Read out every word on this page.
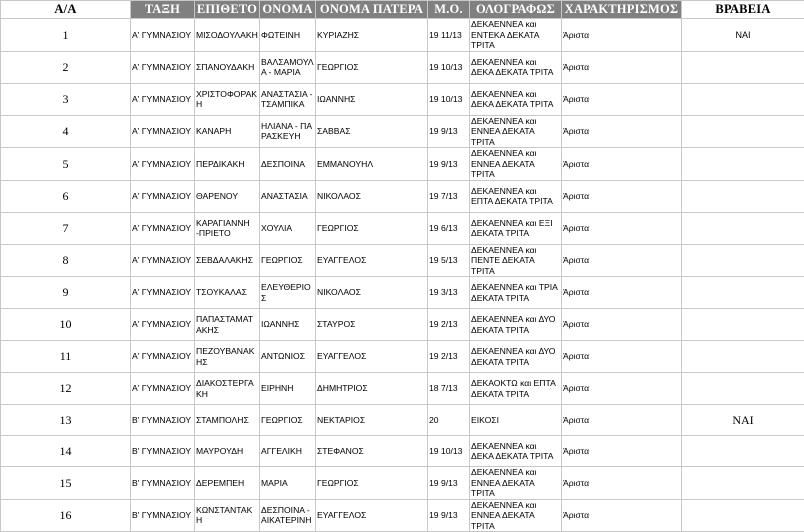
Α/Α	ΤΑΞΗ	ΕΠΙΘΕΤΟ	ΟΝΟΜΑ	ΟΝΟΜΑ ΠΑΤΕΡΑ	Μ.Ο.	ΟΛΟΓΡΑΦΩΣ	ΧΑΡΑΚΤΗΡΙΣΜΟΣ	ΒΡΑΒΕΙΑ
1	Α' ΓΥΜΝΑΣΙΟΥ	ΜΙΣΟΔΟΥΛΑΚΗ	ΦΩΤΕΙΝΗ	ΚΥΡΙΑΖΗΣ	19 11/13	ΔΕΚΑΕΝΝΕΑ και ΕΝΤΕΚΑ ΔΕΚΑΤΑ ΤΡΙΤΑ	Άριστα	ΝΑΙ
2	Α' ΓΥΜΝΑΣΙΟΥ	ΣΠΑΝΟΥΔΑΚΗ	ΒΑΛΣΑΜΟΥΛΑ - ΜΑΡΙΑ	ΓΕΩΡΓΙΟΣ	19 10/13	ΔΕΚΑΕΝΝΕΑ και ΔΕΚΑ ΔΕΚΑΤΑ ΤΡΙΤΑ	Άριστα	
3	Α' ΓΥΜΝΑΣΙΟΥ	ΧΡΙΣΤΟΦΟΡΑΚΗ	ΑΝΑΣΤΑΣΙΑ - ΤΣΑΜΠΙΚΑ	ΙΩΑΝΝΗΣ	19 10/13	ΔΕΚΑΕΝΝΕΑ και ΔΕΚΑ ΔΕΚΑΤΑ ΤΡΙΤΑ	Άριστα	
4	Α' ΓΥΜΝΑΣΙΟΥ	ΚΑΝΑΡΗ	ΗΛΙΑΝΑ - ΠΑΡΑΣΚΕΥΗ	ΣΑΒΒΑΣ	19 9/13	ΔΕΚΑΕΝΝΕΑ και ΕΝΝΕΑ ΔΕΚΑΤΑ ΤΡΙΤΑ	Άριστα	
5	Α' ΓΥΜΝΑΣΙΟΥ	ΠΕΡΔΙΚΑΚΗ	ΔΕΣΠΟΙΝΑ	ΕΜΜΑΝΟΥΗΛ	19 9/13	ΔΕΚΑΕΝΝΕΑ και ΕΝΝΕΑ ΔΕΚΑΤΑ ΤΡΙΤΑ	Άριστα	
6	Α' ΓΥΜΝΑΣΙΟΥ	ΘΑΡΕΝΟΥ	ΑΝΑΣΤΑΣΙΑ	ΝΙΚΟΛΑΟΣ	19 7/13	ΔΕΚΑΕΝΝΕΑ και ΕΠΤΑ ΔΕΚΑΤΑ ΤΡΙΤΑ	Άριστα	
7	Α' ΓΥΜΝΑΣΙΟΥ	ΚΑΡΑΓΙΑΝΝΗ -ΠΡΙΕΤΟ	ΧΟΥΛΙΑ	ΓΕΩΡΓΙΟΣ	19 6/13	ΔΕΚΑΕΝΝΕΑ και ΕΞΙ ΔΕΚΑΤΑ ΤΡΙΤΑ	Άριστα	
8	Α' ΓΥΜΝΑΣΙΟΥ	ΣΕΒΔΑΛΑΚΗΣ	ΓΕΩΡΓΙΟΣ	ΕΥΑΓΓΕΛΟΣ	19 5/13	ΔΕΚΑΕΝΝΕΑ και ΠΕΝΤΕ ΔΕΚΑΤΑ ΤΡΙΤΑ	Άριστα	
9	Α' ΓΥΜΝΑΣΙΟΥ	ΤΣΟΥΚΑΛΑΣ	ΕΛΕΥΘΕΡΙΟΣ	ΝΙΚΟΛΑΟΣ	19 3/13	ΔΕΚΑΕΝΝΕΑ και ΤΡΙΑ ΔΕΚΑΤΑ ΤΡΙΤΑ	Άριστα	
10	Α' ΓΥΜΝΑΣΙΟΥ	ΠΑΠΑΣΤΑΜΑΤΑΚΗΣ	ΙΩΑΝΝΗΣ	ΣΤΑΥΡΟΣ	19 2/13	ΔΕΚΑΕΝΝΕΑ και ΔΥΟ ΔΕΚΑΤΑ ΤΡΙΤΑ	Άριστα	
11	Α' ΓΥΜΝΑΣΙΟΥ	ΠΕΖΟΥΒΑΝΑΚΗΣ	ΑΝΤΩΝΙΟΣ	ΕΥΑΓΓΕΛΟΣ	19 2/13	ΔΕΚΑΕΝΝΕΑ και ΔΥΟ ΔΕΚΑΤΑ ΤΡΙΤΑ	Άριστα	
12	Α' ΓΥΜΝΑΣΙΟΥ	ΔΙΑΚΟΣΤΕΡΓΑΚΗ	ΕΙΡΗΝΗ	ΔΗΜΗΤΡΙΟΣ	18 7/13	ΔΕΚΑΟΚΤΩ και ΕΠΤΑ ΔΕΚΑΤΑ ΤΡΙΤΑ	Άριστα	
13	Β' ΓΥΜΝΑΣΙΟΥ	ΣΤΑΜΠΟΛΗΣ	ΓΕΩΡΓΙΟΣ	ΝΕΚΤΑΡΙΟΣ	20	ΕΙΚΟΣΙ	Άριστα	ΝΑΙ
14	Β' ΓΥΜΝΑΣΙΟΥ	ΜΑΥΡΟΥΔΗ	ΑΓΓΕΛΙΚΗ	ΣΤΕΦΑΝΟΣ	19 10/13	ΔΕΚΑΕΝΝΕΑ και ΔΕΚΑ ΔΕΚΑΤΑ ΤΡΙΤΑ	Άριστα	
15	Β' ΓΥΜΝΑΣΙΟΥ	ΔΕΡΕΜΠΕΗ	ΜΑΡΙΑ	ΓΕΩΡΓΙΟΣ	19 9/13	ΔΕΚΑΕΝΝΕΑ και ΕΝΝΕΑ ΔΕΚΑΤΑ ΤΡΙΤΑ	Άριστα	
16	Β' ΓΥΜΝΑΣΙΟΥ	ΚΩΝΣΤΑΝΤΑΚΗ	ΔΕΣΠΟΙΝΑ - ΑΙΚΑΤΕΡΙΝΗ	ΕΥΑΓΓΕΛΟΣ	19 9/13	ΔΕΚΑΕΝΝΕΑ και ΕΝΝΕΑ ΔΕΚΑΤΑ ΤΡΙΤΑ	Άριστα	
